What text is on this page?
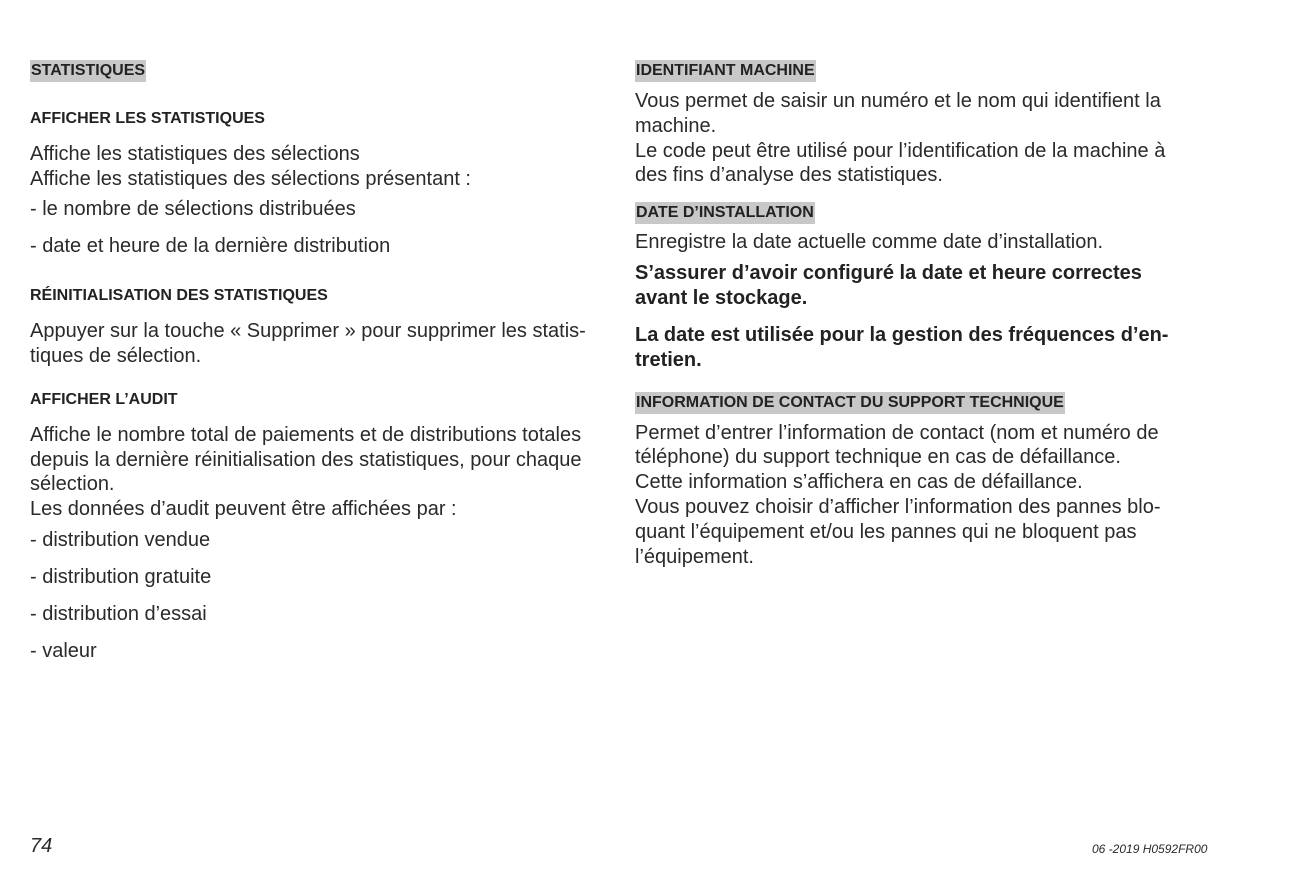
STATISTIQUES
AFFICHER LES STATISTIQUES
Affiche les statistiques des sélections
Affiche les statistiques des sélections présentant :
- le nombre de sélections distribuées
- date et heure de la dernière distribution
RÉINITIALISATION DES STATISTIQUES
Appuyer sur la touche « Supprimer » pour supprimer les statis-
tiques de sélection.
AFFICHER L’AUDIT
Affiche le nombre total de paiements et de distributions totales
depuis la dernière réinitialisation des statistiques, pour chaque
sélection.
Les données d’audit peuvent être affichées par :
- distribution vendue
- distribution gratuite
- distribution d’essai
- valeur
IDENTIFIANT MACHINE
Vous permet de saisir un numéro et le nom qui identifient la
machine.
Le code peut être utilisé pour l’identification de la machine à
des fins d’analyse des statistiques.
DATE D’INSTALLATION
Enregistre la date actuelle comme date d’installation.
S’assurer d’avoir configuré la date et heure correctes
avant le stockage.
La date est utilisée pour la gestion des fréquences d’en-
tretien.
INFORMATION DE CONTACT DU SUPPORT TECHNIQUE
Permet d’entrer l’information de contact (nom et numéro de
téléphone) du support technique en cas de défaillance.
Cette information s’affichera en cas de défaillance.
Vous pouvez choisir d’afficher l’information des pannes blo-
quant l’équipement et/ou les pannes qui ne bloquent pas
l’équipement.
74	06 -2019 H0592FR00
